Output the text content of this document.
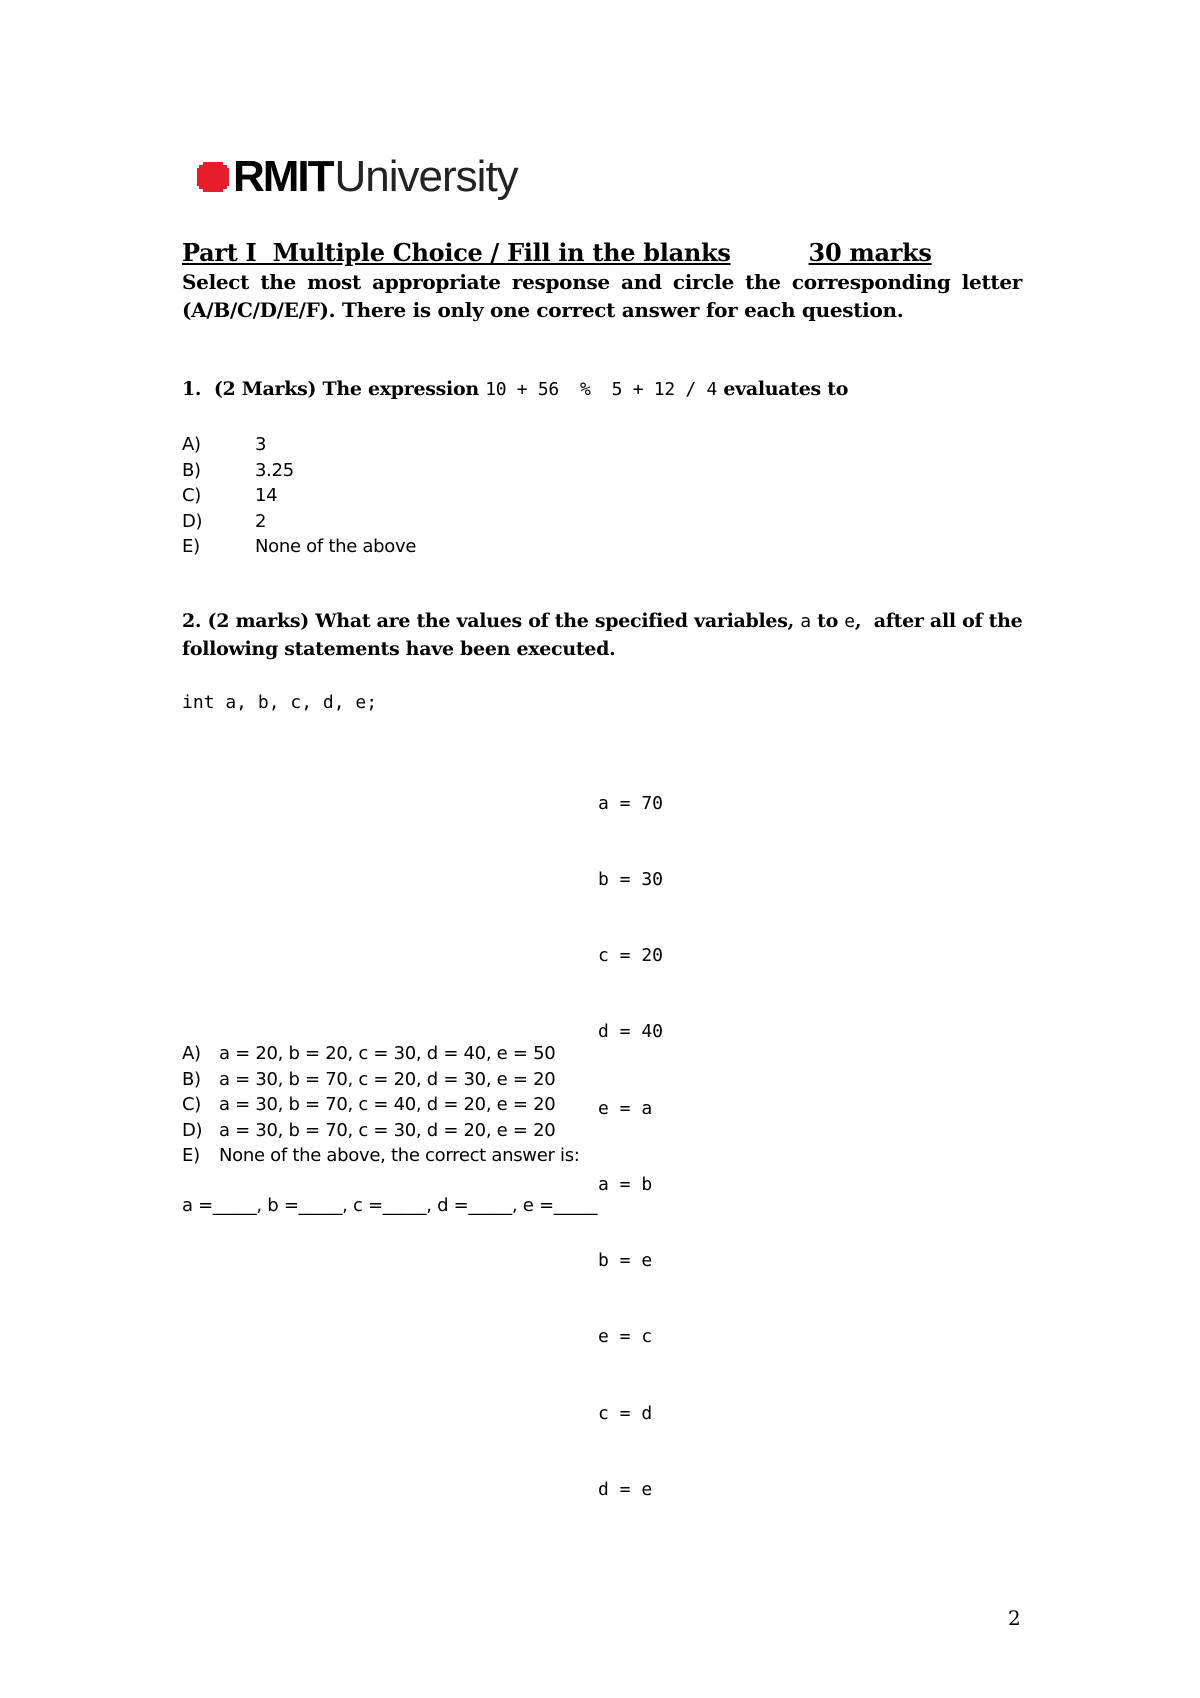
RMIT University
Part I  Multiple Choice / Fill in the blanks	30 marks
Select the most appropriate response and circle the corresponding letter
(A/B/C/D/E/F). There is only one correct answer for each question.
1.  (2 Marks) The expression 10 + 56  %  5 + 12 / 4 evaluates to
A)	3
B)	3.25
C)	14
D)	2
E)	None of the above
2. (2 marks) What are the values of the specified variables, a to e,  after all of the
following statements have been executed.
int a, b, c, d, e;

a = 70

b = 30

c = 20

d = 40

e = a

a = b

b = e

e = c

c = d

d = e

A)	a = 20, b = 20, c = 30, d = 40, e = 50
B)	a = 30, b = 70, c = 20, d = 30, e = 20
C)	a = 30, b = 70, c = 40, d = 20, e = 20
D) a = 30, b = 70, c = 30, d = 20, e = 20
E)	None of the above, the correct answer is:
a =_____, b =_____, c =_____, d =_____, e =_____
2
